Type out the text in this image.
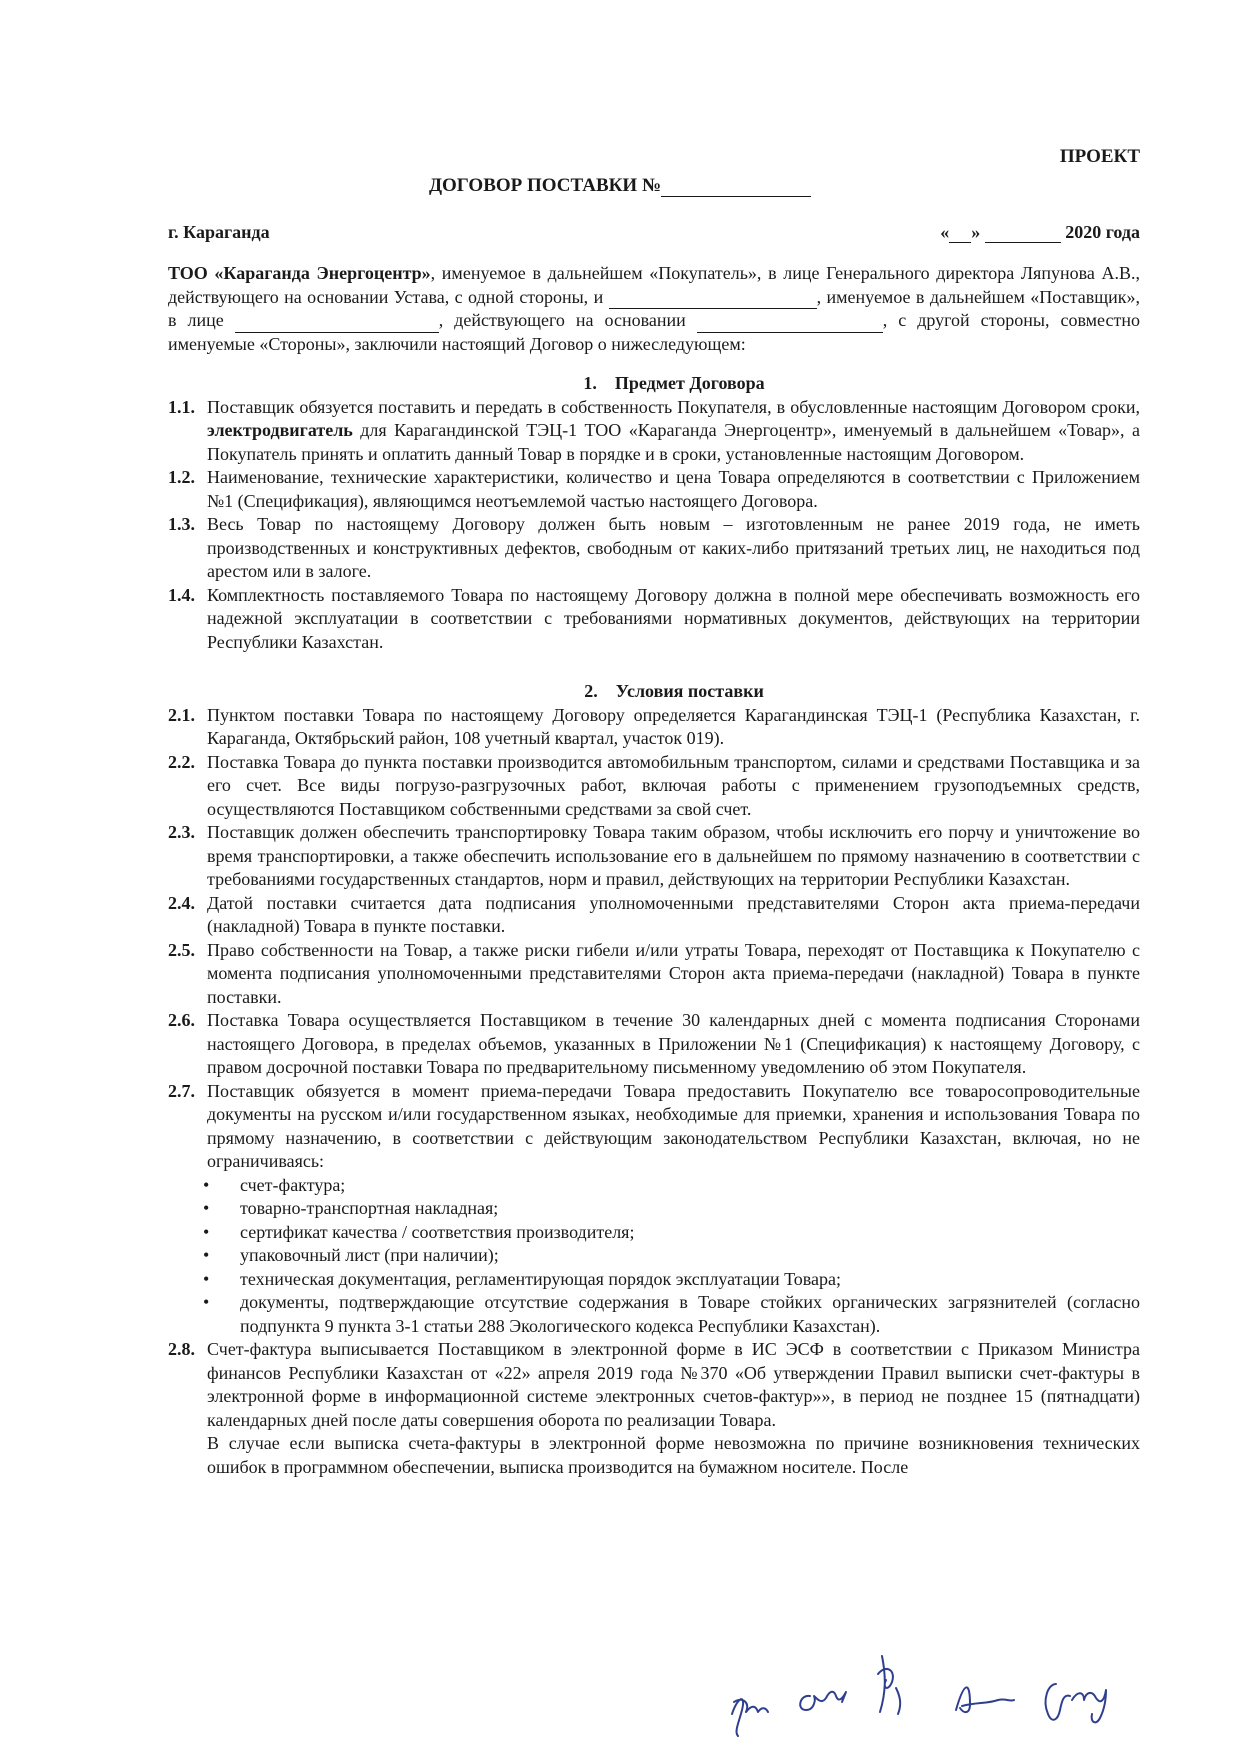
ПРОЕКТ
ДОГОВОР ПОСТАВКИ №
г. Караганда	« »	2020 года

ТОО «Караганда Энергоцентр», именуемое в дальнейшем «Покупатель», в лице Генерального директора Ляпунова А.В., действующего на основании Устава, с одной стороны, и	, именуемое в дальнейшем «Поставщик», в лице	, действующего на основании	, с другой стороны, совместно именуемые «Стороны», заключили настоящий Договор о нижеследующем:

1. Предмет Договора

1.1. Поставщик обязуется поставить и передать в собственность Покупателя, в обусловленные настоящим Договором сроки, электродвигатель для Карагандинской ТЭЦ-1 ТОО «Караганда Энергоцентр», именуемый в дальнейшем «Товар», а Покупатель принять и оплатить данный Товар в порядке и в сроки, установленные настоящим Договором.

1.2. Наименование, технические характеристики, количество и цена Товара определяются в соответствии с Приложением №1 (Спецификация), являющимся неотъемлемой частью настоящего Договора.

1.3. Весь Товар по настоящему Договору должен быть новым – изготовленным не ранее 2019 года, не иметь производственных и конструктивных дефектов, свободным от каких-либо притязаний третьих лиц, не находиться под арестом или в залоге.

1.4. Комплектность поставляемого Товара по настоящему Договору должна в полной мере обеспечивать возможность его надежной эксплуатации в соответствии с требованиями нормативных документов, действующих на территории Республики Казахстан.

2. Условия поставки

2.1. Пунктом поставки Товара по настоящему Договору определяется Карагандинская ТЭЦ-1 (Республика Казахстан, г. Караганда, Октябрьский район, 108 учетный квартал, участок 019).

2.2. Поставка Товара до пункта поставки производится автомобильным транспортом, силами и средствами Поставщика и за его счет. Все виды погрузо-разгрузочных работ, включая работы с применением грузоподъемных средств, осуществляются Поставщиком собственными средствами за свой счет.

2.3. Поставщик должен обеспечить транспортировку Товара таким образом, чтобы исключить его порчу и уничтожение во время транспортировки, а также обеспечить использование его в дальнейшем по прямому назначению в соответствии с требованиями государственных стандартов, норм и правил, действующих на территории Республики Казахстан.

2.4. Датой поставки считается дата подписания уполномоченными представителями Сторон акта приема-передачи (накладной) Товара в пункте поставки.

2.5. Право собственности на Товар, а также риски гибели и/или утраты Товара, переходят от Поставщика к Покупателю с момента подписания уполномоченными представителями Сторон акта приема-передачи (накладной) Товара в пункте поставки.

2.6. Поставка Товара осуществляется Поставщиком в течение 30 календарных дней с момента подписания Сторонами настоящего Договора, в пределах объемов, указанных в Приложении №1 (Спецификация) к настоящему Договору, с правом досрочной поставки Товара по предварительному письменному уведомлению об этом Покупателя.

2.7. Поставщик обязуется в момент приема-передачи Товара предоставить Покупателю все товаросопроводительные документы на русском и/или государственном языках, необходимые для приемки, хранения и использования Товара по прямому назначению, в соответствии с действующим законодательством Республики Казахстан, включая, но не ограничиваясь:

• счет-фактура;
• товарно-транспортная накладная;
• сертификат качества / соответствия производителя;
• упаковочный лист (при наличии);
• техническая документация, регламентирующая порядок эксплуатации Товара;
• документы, подтверждающие отсутствие содержания в Товаре стойких органических загрязнителей (согласно подпункта 9 пункта 3-1 статьи 288 Экологического кодекса Республики Казахстан).

2.8. Счет-фактура выписывается Поставщиком в электронной форме в ИС ЭСФ в соответствии с Приказом Министра финансов Республики Казахстан от «22» апреля 2019 года №370 «Об утверждении Правил выписки счет-фактуры в электронной форме в информационной системе электронных счетов-фактур»», в период не позднее 15 (пятнадцати) календарных дней после даты совершения оборота по реализации Товара.

В случае если выписка счета-фактуры в электронной форме невозможна по причине возникновения технических ошибок в программном обеспечении, выписка производится на бумажном носителе. После
